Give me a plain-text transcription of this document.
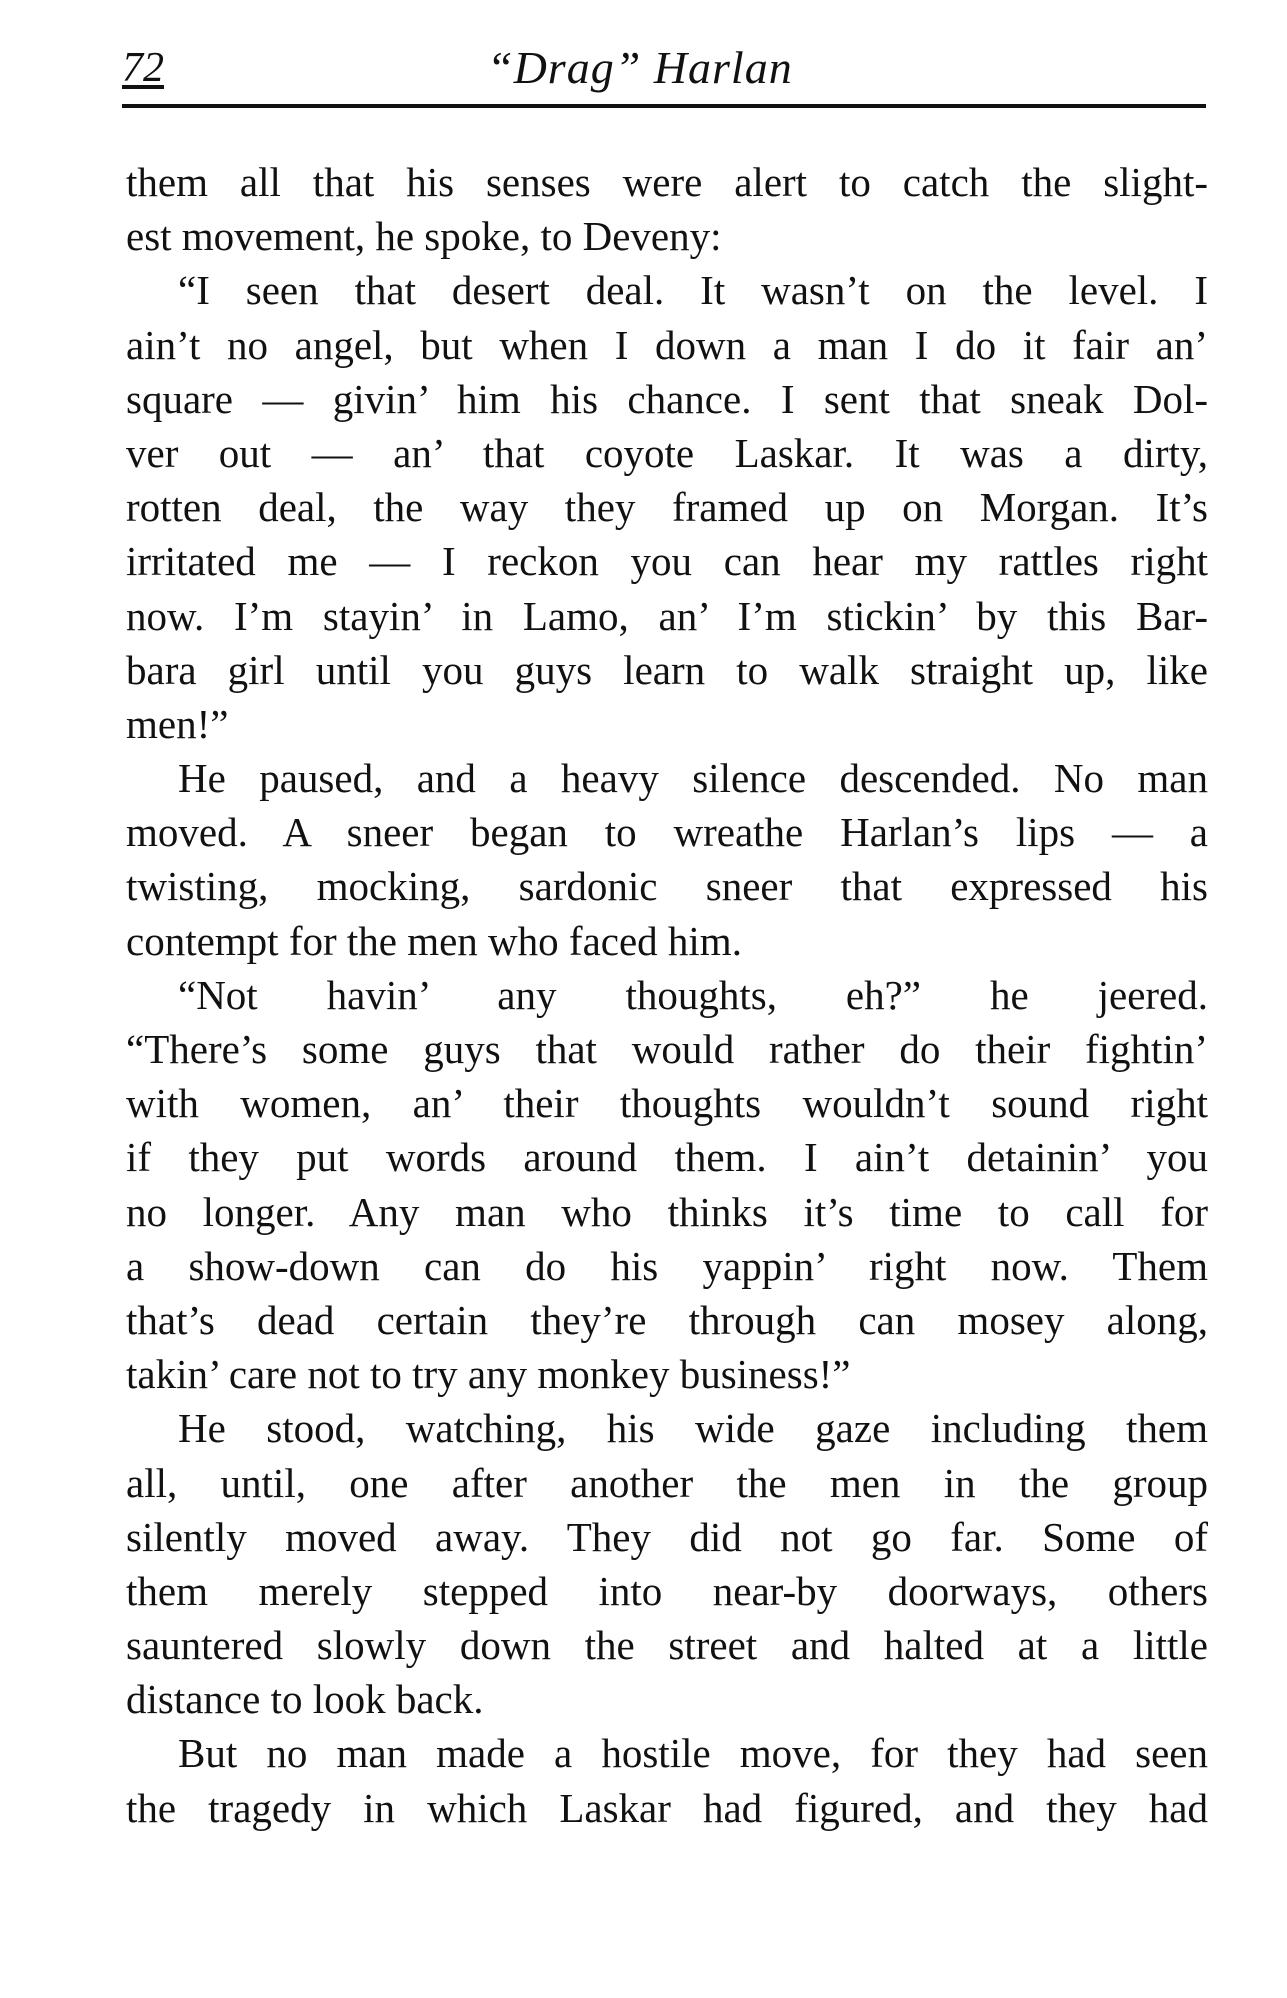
72	“Drag” Harlan
them all that his senses were alert to catch the slight-
est movement, he spoke, to Deveny:
“I seen that desert deal. It wasn’t on the level. I
ain’t no angel, but when I down a man I do it fair an’
square — givin’ him his chance. I sent that sneak Dol-
ver out — an’ that coyote Laskar. It was a dirty,
rotten deal, the way they framed up on Morgan. It’s
irritated me — I reckon you can hear my rattles right
now. I’m stayin’ in Lamo, an’ I’m stickin’ by this Bar-
bara girl until you guys learn to walk straight up, like
men!”
He paused, and a heavy silence descended. No man
moved. A sneer began to wreathe Harlan’s lips — a
twisting, mocking, sardonic sneer that expressed his
contempt for the men who faced him.
“Not havin’ any thoughts, eh?” he jeered.
“There’s some guys that would rather do their fightin’
with women, an’ their thoughts wouldn’t sound right
if they put words around them. I ain’t detainin’ you
no longer. Any man who thinks it’s time to call for
a show-down can do his yappin’ right now. Them
that’s dead certain they’re through can mosey along,
takin’ care not to try any monkey business!”
He stood, watching, his wide gaze including them
all, until, one after another the men in the group
silently moved away. They did not go far. Some of
them merely stepped into near-by doorways, others
sauntered slowly down the street and halted at a little
distance to look back.
But no man made a hostile move, for they had seen
the tragedy in which Laskar had figured, and they had
